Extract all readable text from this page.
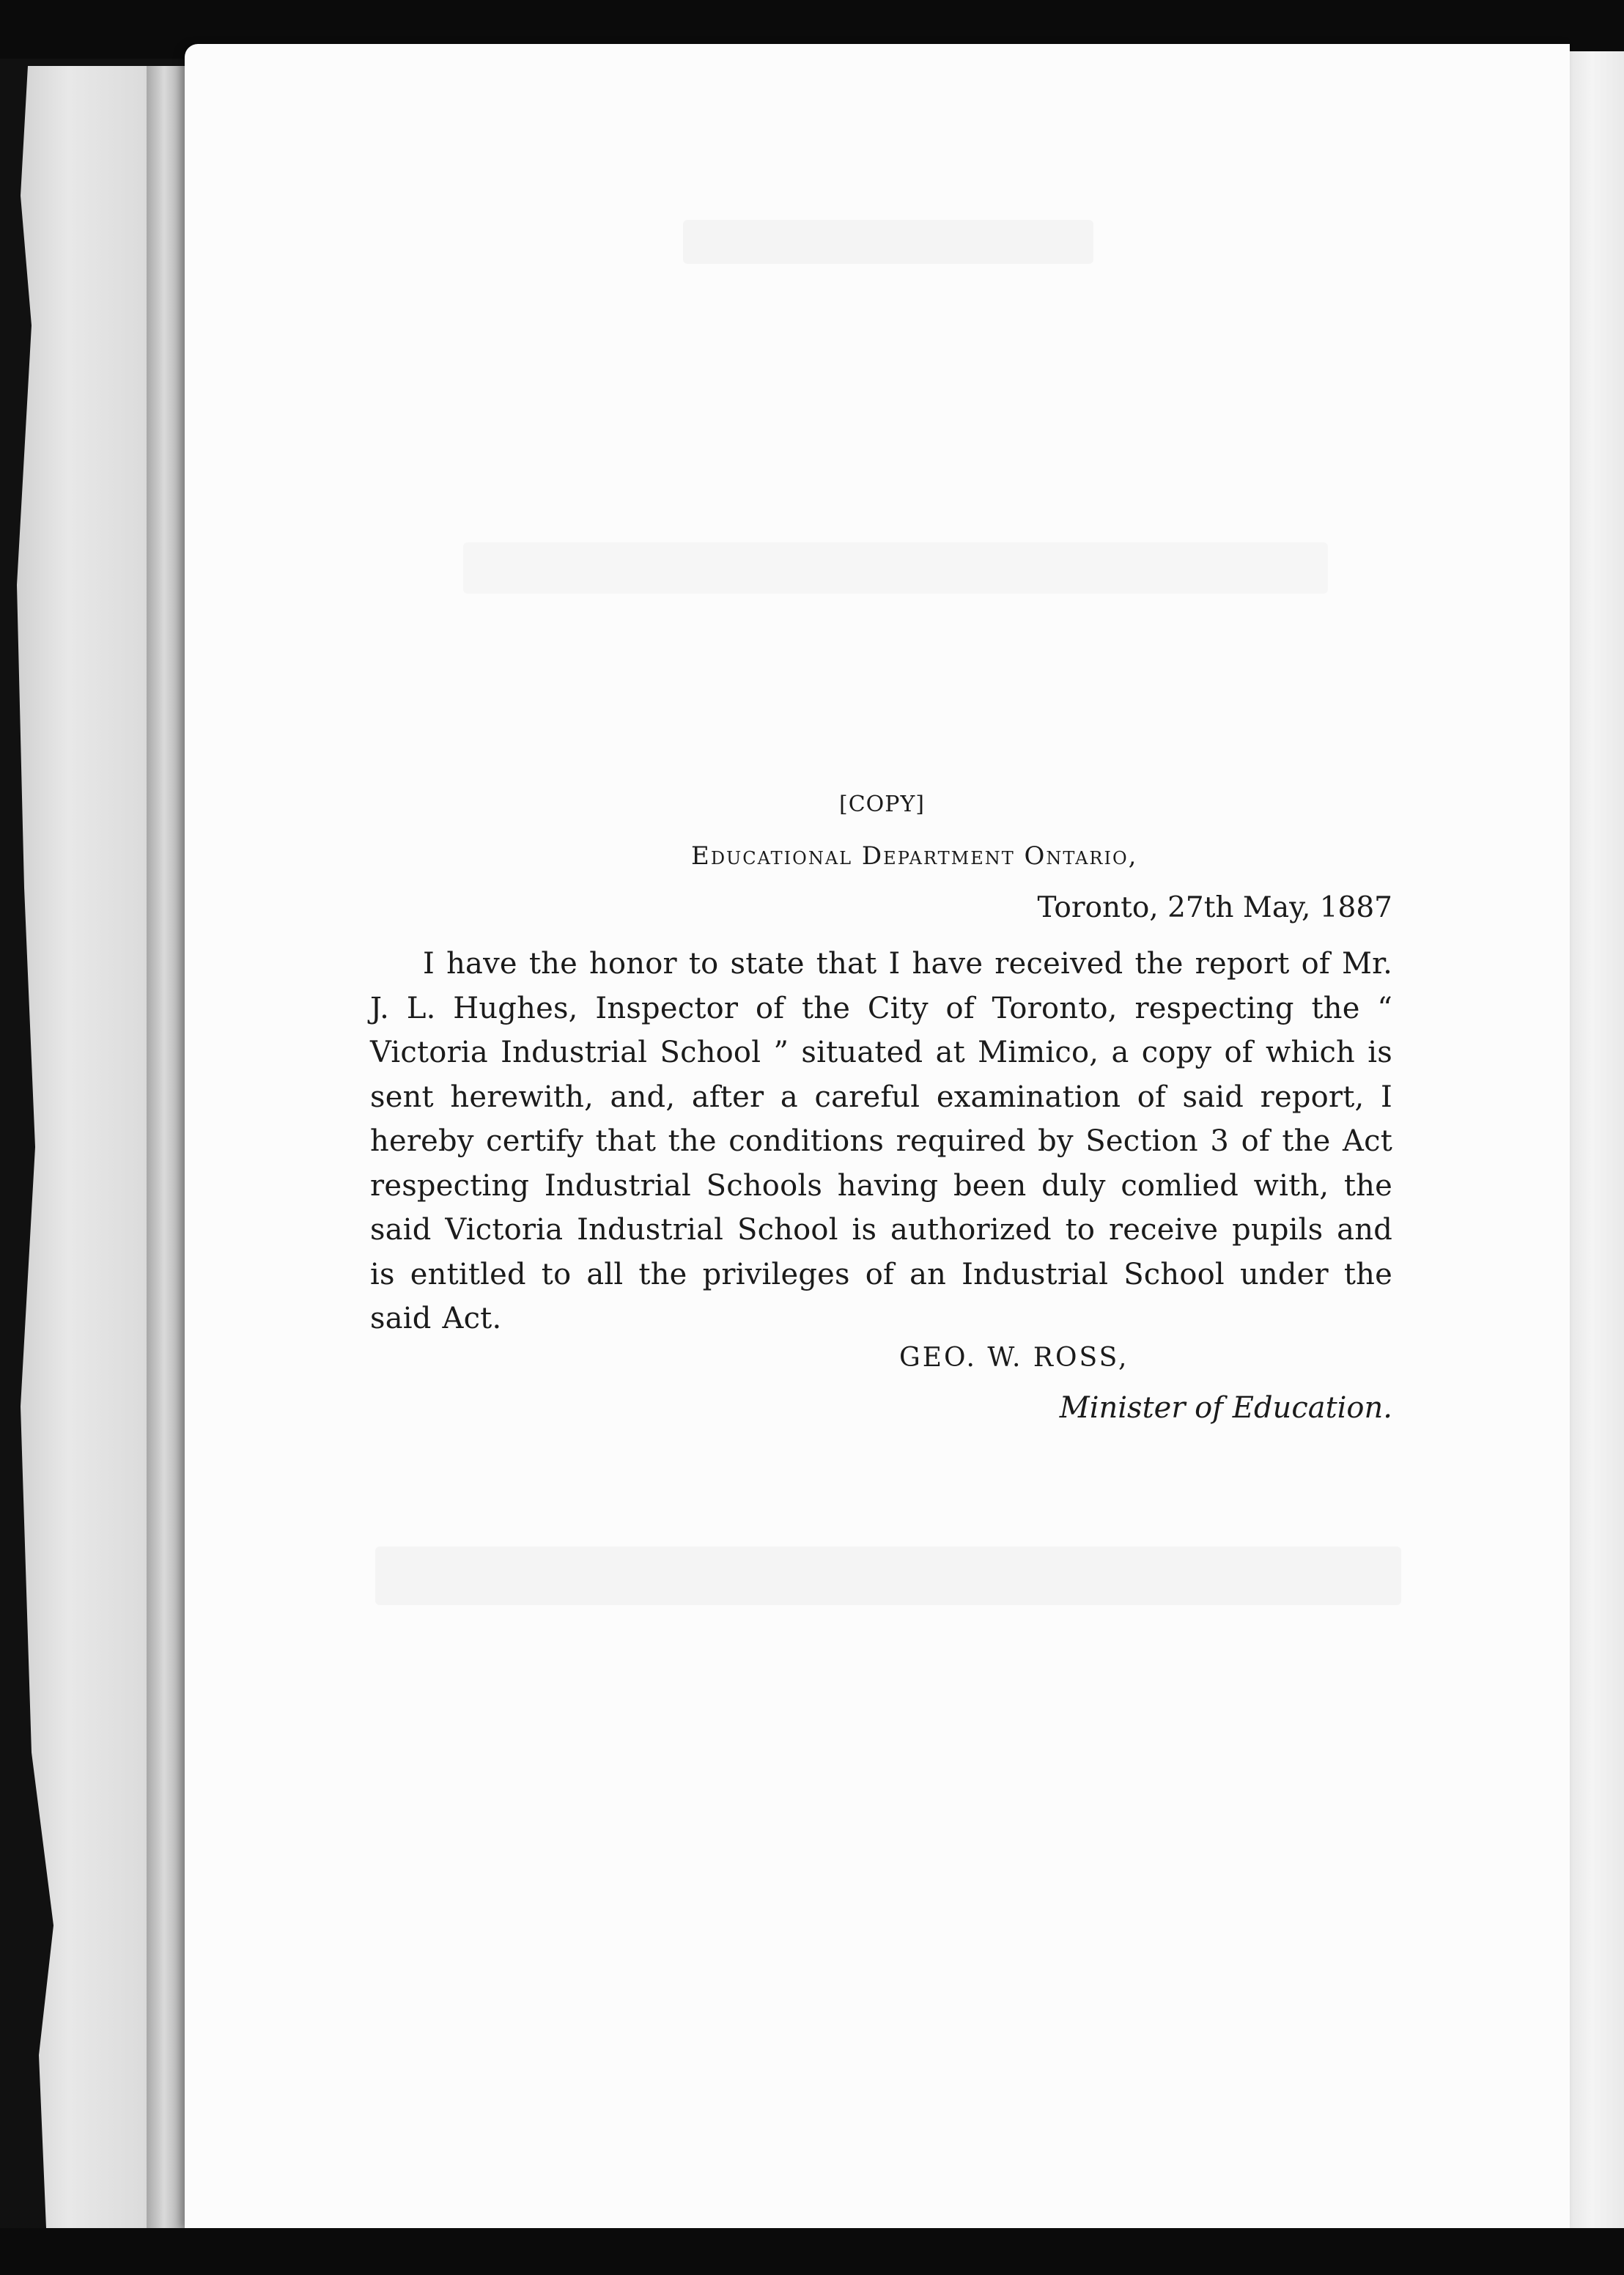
[COPY]
Educational Department Ontario,
Toronto, 27th May, 1887
I have the honor to state that I have received the report of Mr. J. L. Hughes, Inspector of the City of Toronto, respecting the “ Victoria Industrial School ” situated at Mimico, a copy of which is sent herewith, and, after a careful examination of said report, I hereby certify that the conditions required by Section 3 of the Act respecting Industrial Schools having been duly comlied with, the said Victoria Industrial School is authorized to receive pupils and is entitled to all the privileges of an Industrial School under the said Act.
GEO. W. ROSS,
Minister of Education.
